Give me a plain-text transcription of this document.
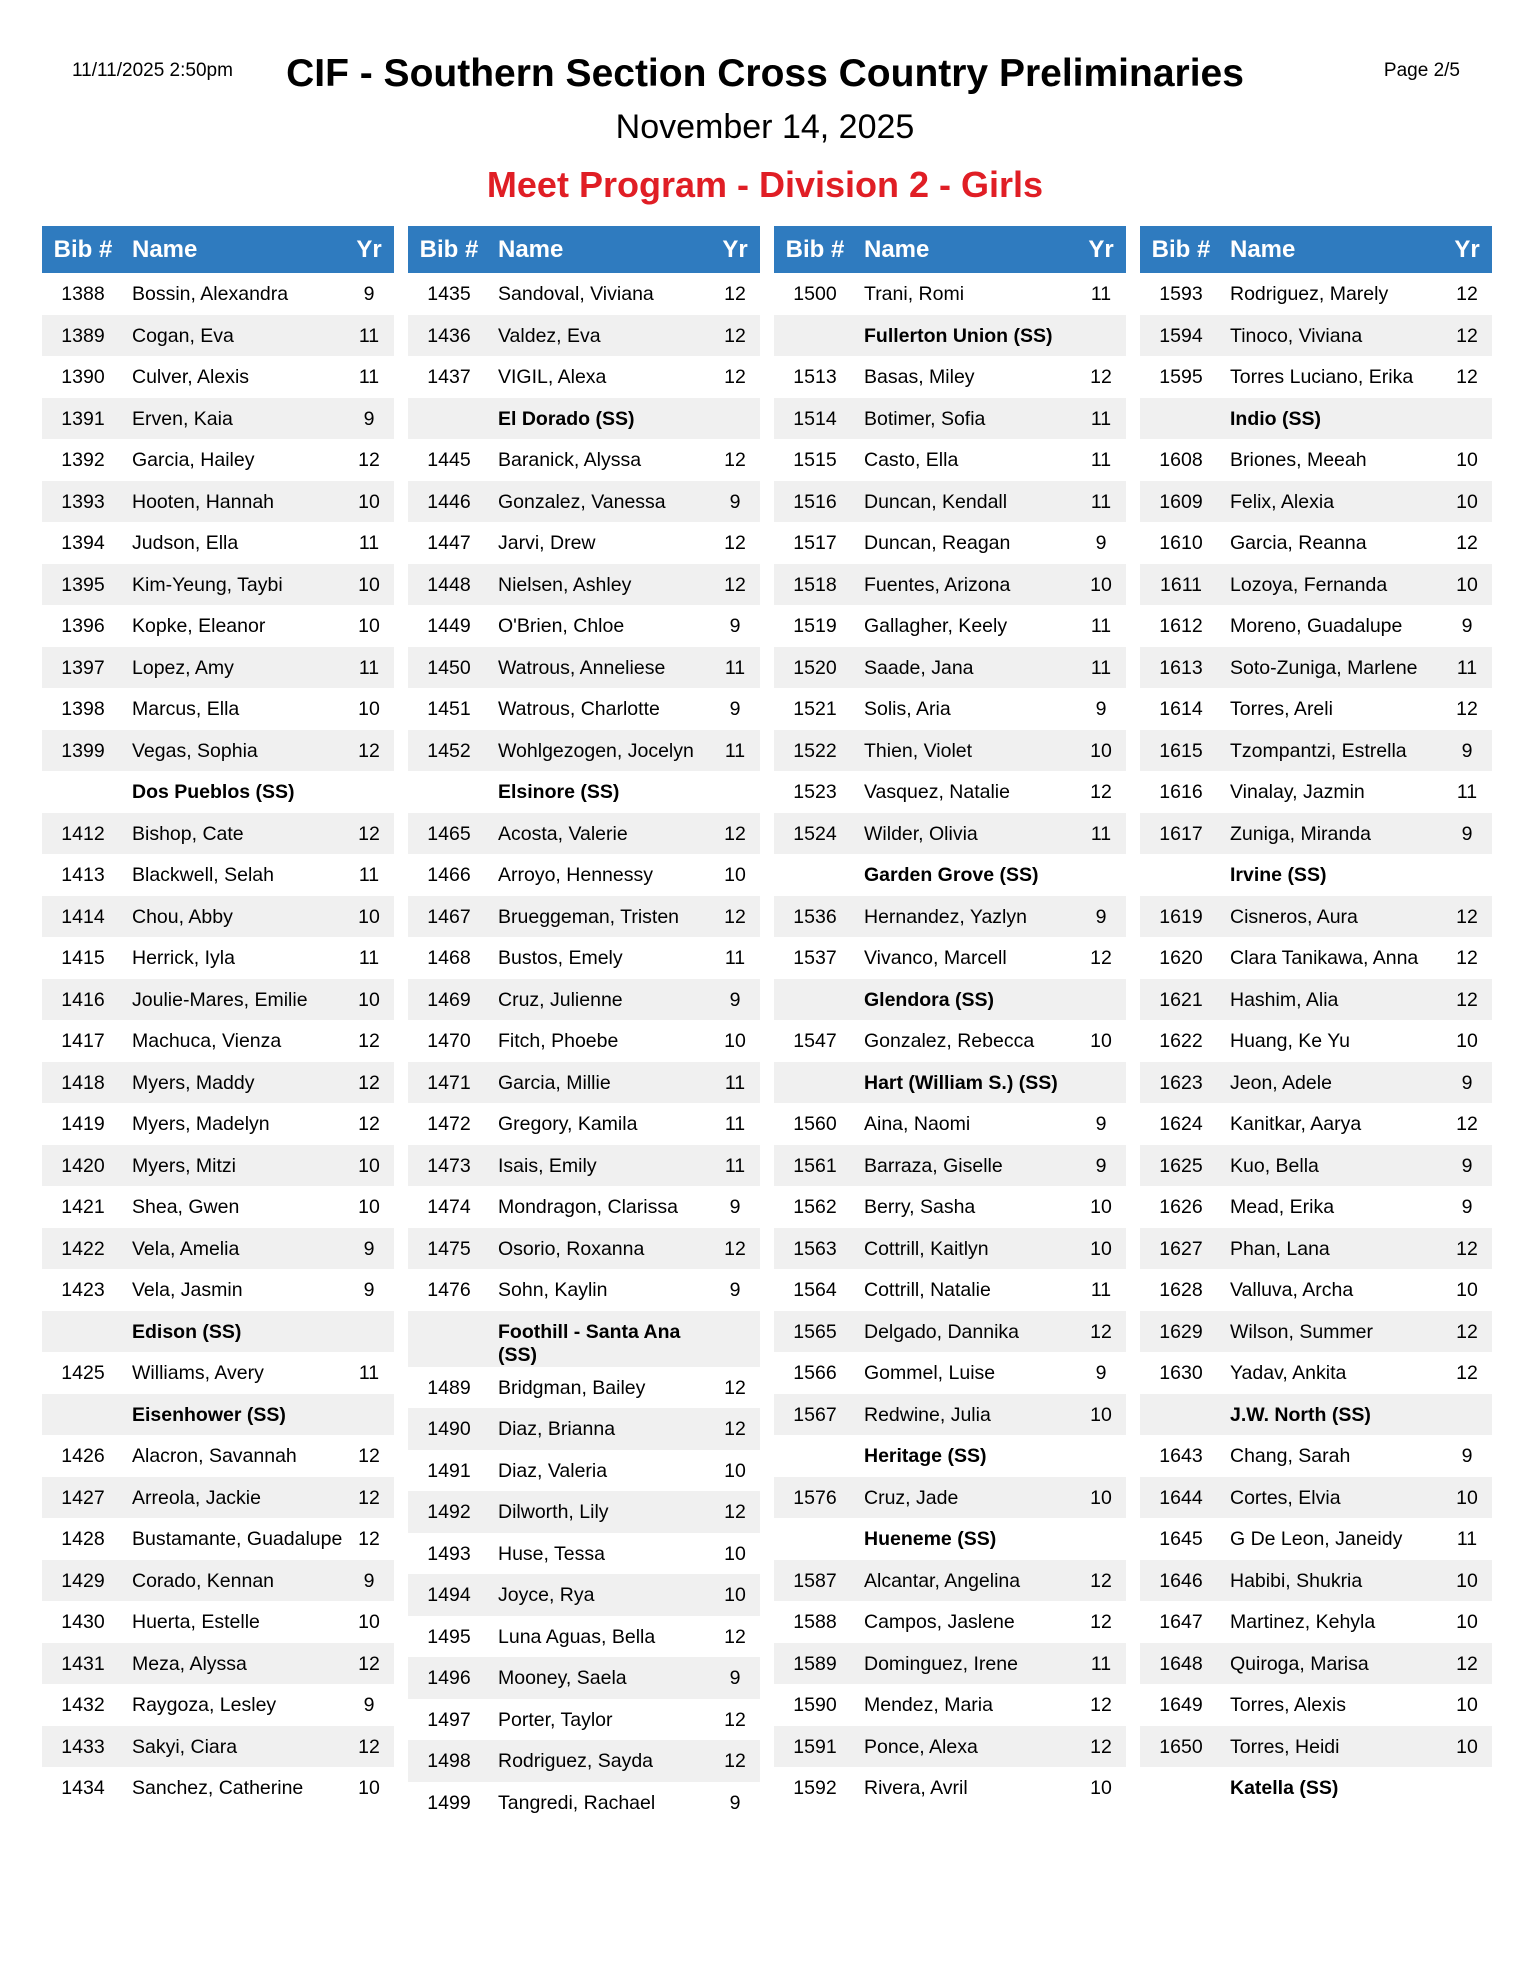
11/11/2025 2:50pm	CIF - Southern Section Cross Country Preliminaries	Page 2/5
November 14, 2025
Meet Program - Division 2 - Girls
Bib # Name	Yr
1388	Bossin, Alexandra	9
1389	Cogan, Eva	11
1390	Culver, Alexis	11
1391	Erven, Kaia	9
1392	Garcia, Hailey	12
1393	Hooten, Hannah	10
1394	Judson, Ella	11
1395	Kim-Yeung, Taybi	10
1396	Kopke, Eleanor	10
1397	Lopez, Amy	11
1398	Marcus, Ella	10
1399	Vegas, Sophia	12
Dos Pueblos (SS)
1412	Bishop, Cate	12
1413	Blackwell, Selah	11
1414	Chou, Abby	10
1415	Herrick, Iyla	11
1416	Joulie-Mares, Emilie	10
1417	Machuca, Vienza	12
1418	Myers, Maddy	12
1419	Myers, Madelyn	12
1420	Myers, Mitzi	10
1421	Shea, Gwen	10
1422	Vela, Amelia	9
1423	Vela, Jasmin	9
Edison (SS)
1425	Williams, Avery	11
Eisenhower (SS)
1426	Alacron, Savannah	12
1427	Arreola, Jackie	12
1428	Bustamante, Guadalupe 12
1429	Corado, Kennan	9
1430	Huerta, Estelle	10
1431	Meza, Alyssa	12
1432	Raygoza, Lesley	9
1433	Sakyi, Ciara	12
1434	Sanchez, Catherine	10
Bib # Name	Yr
1435	Sandoval, Viviana	12
1436	Valdez, Eva	12
1437	VIGIL, Alexa	12
El Dorado (SS)
1445	Baranick, Alyssa	12
1446	Gonzalez, Vanessa	9
1447	Jarvi, Drew	12
1448	Nielsen, Ashley	12
1449	O'Brien, Chloe	9
1450	Watrous, Anneliese	11
1451	Watrous, Charlotte	9
1452	Wohlgezogen, Jocelyn	11
Elsinore (SS)
1465	Acosta, Valerie	12
1466	Arroyo, Hennessy	10
1467	Brueggeman, Tristen	12
1468	Bustos, Emely	11
1469	Cruz, Julienne	9
1470	Fitch, Phoebe	10
1471	Garcia, Millie	11
1472	Gregory, Kamila	11
1473	Isais, Emily	11
1474	Mondragon, Clarissa	9
1475	Osorio, Roxanna	12
1476	Sohn, Kaylin	9
Foothill - Santa Ana (SS)
1489	Bridgman, Bailey	12
1490	Diaz, Brianna	12
1491	Diaz, Valeria	10
1492	Dilworth, Lily	12
1493	Huse, Tessa	10
1494	Joyce, Rya	10
1495	Luna Aguas, Bella	12
1496	Mooney, Saela	9
1497	Porter, Taylor	12
1498	Rodriguez, Sayda	12
1499	Tangredi, Rachael	9
Bib # Name	Yr
1500	Trani, Romi	11
Fullerton Union (SS)
1513	Basas, Miley	12
1514	Botimer, Sofia	11
1515	Casto, Ella	11
1516	Duncan, Kendall	11
1517	Duncan, Reagan	9
1518	Fuentes, Arizona	10
1519	Gallagher, Keely	11
1520	Saade, Jana	11
1521	Solis, Aria	9
1522	Thien, Violet	10
1523	Vasquez, Natalie	12
1524	Wilder, Olivia	11
Garden Grove (SS)
1536	Hernandez, Yazlyn	9
1537	Vivanco, Marcell	12
Glendora (SS)
1547	Gonzalez, Rebecca	10
Hart (William S.) (SS)
1560	Aina, Naomi	9
1561	Barraza, Giselle	9
1562	Berry, Sasha	10
1563	Cottrill, Kaitlyn	10
1564	Cottrill, Natalie	11
1565	Delgado, Dannika	12
1566	Gommel, Luise	9
1567	Redwine, Julia	10
Heritage (SS)
1576	Cruz, Jade	10
Hueneme (SS)
1587	Alcantar, Angelina	12
1588	Campos, Jaslene	12
1589	Dominguez, Irene	11
1590	Mendez, Maria	12
1591	Ponce, Alexa	12
1592	Rivera, Avril	10
Bib # Name	Yr
1593	Rodriguez, Marely	12
1594	Tinoco, Viviana	12
1595	Torres Luciano, Erika	12
Indio (SS)
1608	Briones, Meeah	10
1609	Felix, Alexia	10
1610	Garcia, Reanna	12
1611	Lozoya, Fernanda	10
1612	Moreno, Guadalupe	9
1613	Soto-Zuniga, Marlene	11
1614	Torres, Areli	12
1615	Tzompantzi, Estrella	9
1616	Vinalay, Jazmin	11
1617	Zuniga, Miranda	9
Irvine (SS)
1619	Cisneros, Aura	12
1620	Clara Tanikawa, Anna	12
1621	Hashim, Alia	12
1622	Huang, Ke Yu	10
1623	Jeon, Adele	9
1624	Kanitkar, Aarya	12
1625	Kuo, Bella	9
1626	Mead, Erika	9
1627	Phan, Lana	12
1628	Valluva, Archa	10
1629	Wilson, Summer	12
1630	Yadav, Ankita	12
J.W. North (SS)
1643	Chang, Sarah	9
1644	Cortes, Elvia	10
1645	G De Leon, Janeidy	11
1646	Habibi, Shukria	10
1647	Martinez, Kehyla	10
1648	Quiroga, Marisa	12
1649	Torres, Alexis	10
1650	Torres, Heidi	10
Katella (SS)
